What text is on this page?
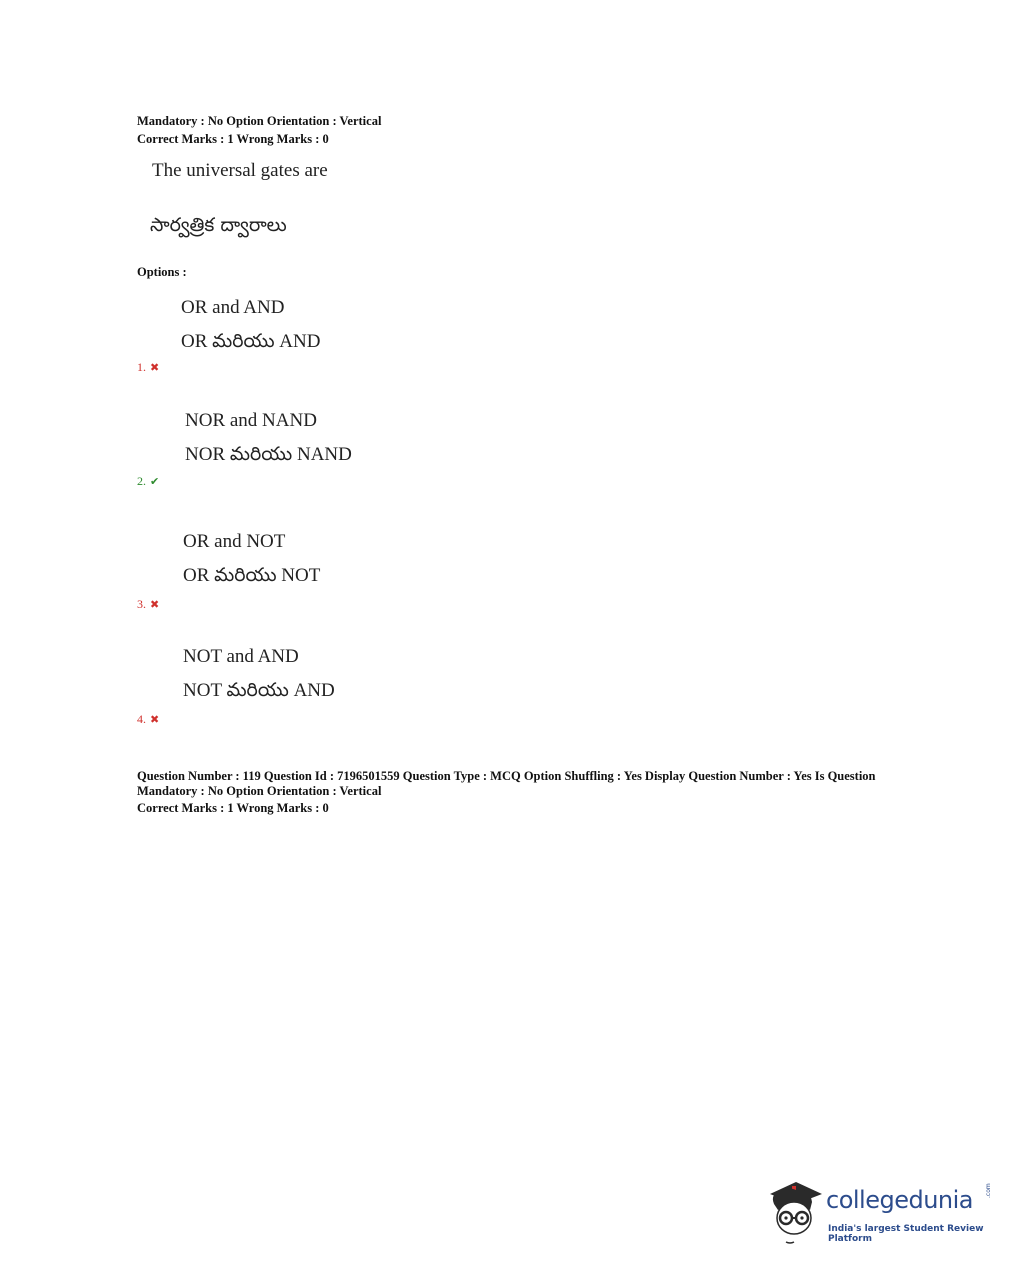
Mandatory : No Option Orientation : Vertical
Correct Marks : 1 Wrong Marks : 0
The universal gates are
సార్వత్రిక ద్వారాలు
Options :
OR and AND
OR మరియు AND
1. ✖
NOR and NAND
NOR మరియు NAND
2. ✔
OR and NOT
OR మరియు NOT
3. ✖
NOT and AND
NOT మరియు AND
4. ✖
Question Number : 119 Question Id : 7196501559 Question Type : MCQ Option Shuffling : Yes Display Question Number : Yes Is Question
Mandatory : No Option Orientation : Vertical
Correct Marks : 1 Wrong Marks : 0
collegedunia .com
India's largest Student Review Platform
